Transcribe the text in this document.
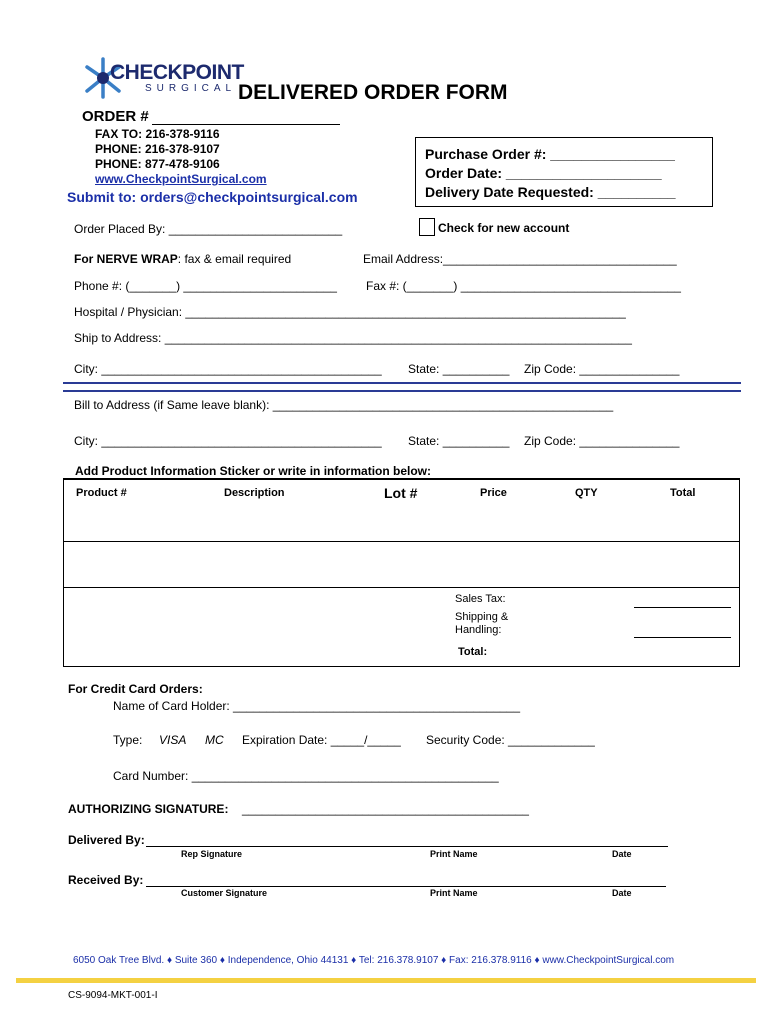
CHECKPOINT
SURGICAL DELIVERED ORDER FORM
ORDER #
FAX TO: 216-378-9116
PHONE: 216-378-9107
PHONE: 877-478-9106
www.CheckpointSurgical.com
Submit to: orders@checkpointsurgical.com
Purchase Order #: ________________
Order Date: ____________________
Delivery Date Requested: __________
Order Placed By: __________________________	Check for new account
For NERVE WRAP: fax & email required	Email Address:___________________________________
Phone #: (_______) _______________________ Fax #: (_______) _________________________________
Hospital / Physician: __________________________________________________________________
Ship to Address: ______________________________________________________________________
City: __________________________________________ State: __________ Zip Code: _______________
Bill to Address (if Same leave blank): ___________________________________________________
City: __________________________________________ State: __________ Zip Code: _______________
Add Product Information Sticker or write in information below:
Product #	Description	Lot #	Price	QTY	Total
Sales Tax:
Shipping &
Handling:
Total:
For Credit Card Orders:
Name of Card Holder: ___________________________________________
Type: VISA MC Expiration Date: _____/_____ Security Code: _____________
Card Number: ______________________________________________
AUTHORIZING SIGNATURE: ___________________________________________
Delivered By:
Rep Signature	Print Name	Date
Received By:
Customer Signature	Print Name	Date
6050 Oak Tree Blvd. ♦ Suite 360 ♦ Independence, Ohio 44131 ♦ Tel: 216.378.9107 ♦ Fax: 216.378.9116 ♦ www.CheckpointSurgical.com
CS-9094-MKT-001-I
